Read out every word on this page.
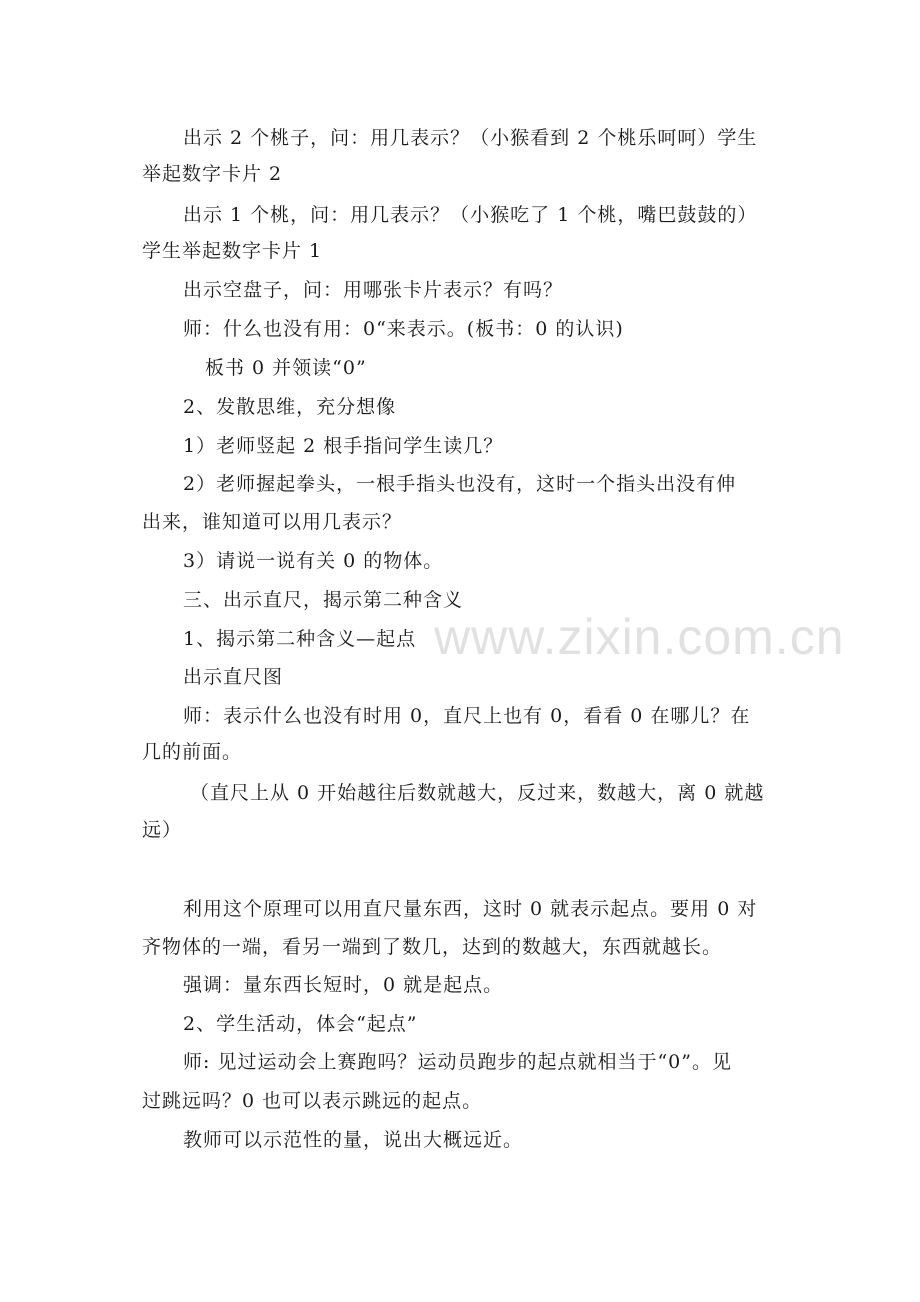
出示 2 个桃子，问：用几表示？（小猴看到 2 个桃乐呵呵）学生
举起数字卡片 2
出示 1 个桃，问：用几表示？（小猴吃了 1 个桃，嘴巴鼓鼓的）
学生举起数字卡片 1
出示空盘子，问：用哪张卡片表示？有吗？
师：什么也没有用：0“来表示。(板书：0 的认识)
板书 0 并领读“0”
2、发散思维，充分想像
1）老师竖起 2 根手指问学生读几？
2）老师握起拳头，一根手指头也没有，这时一个指头出没有伸
出来，谁知道可以用几表示？
3）请说一说有关 0 的物体。
三、出示直尺，揭示第二种含义
1、揭示第二种含义—起点
出示直尺图
师：表示什么也没有时用 0，直尺上也有 0，看看 0 在哪儿？在
几的前面。
（直尺上从 0 开始越往后数就越大，反过来，数越大，离 0 就越
远）
利用这个原理可以用直尺量东西，这时 0 就表示起点。要用 0 对
齐物体的一端，看另一端到了数几，达到的数越大，东西就越长。
强调：量东西长短时，0 就是起点。
2、学生活动，体会“起点”
师: 见过运动会上赛跑吗？运动员跑步的起点就相当于“0”。见
过跳远吗？0 也可以表示跳远的起点。
教师可以示范性的量，说出大概远近。
www.zixin.com.cn
